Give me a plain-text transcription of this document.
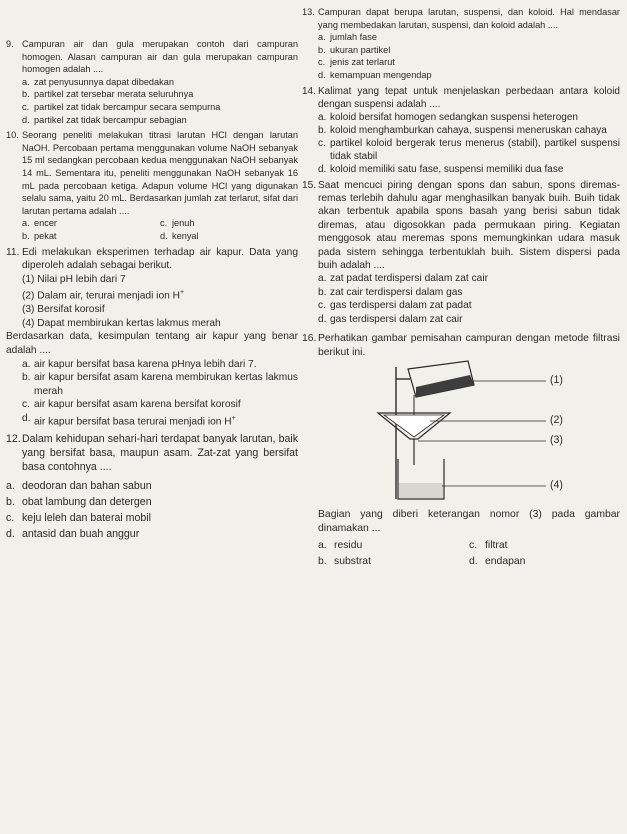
9. Campuran air dan gula merupakan contoh dari campuran homogen. Alasan campuran air dan gula merupakan campuran homogen adalah ....
a. zat penyusunnya dapat dibedakan
b. partikel zat tersebar merata seluruhnya
c. partikel zat tidak bercampur secara sempurna
d. partikel zat tidak bercampur sebagian
10. Seorang peneliti melakukan titrasi larutan HCl dengan larutan NaOH. Percobaan pertama menggunakan volume NaOH sebanyak 15 ml sedangkan percobaan kedua menggunakan NaOH sebanyak 14 mL. Sementara itu, peneliti menggunakan NaOH sebanyak 16 mL pada percobaan ketiga. Adapun volume HCl yang digunakan selalu sama, yaitu 20 mL. Berdasarkan jumlah zat terlarut, sifat dari larutan pertama adalah ....
a. encer	c. jenuh
b. pekat	d. kenyal
11. Edi melakukan eksperimen terhadap air kapur. Data yang diperoleh adalah sebagai berikut.
(1) Nilai pH lebih dari 7
(2) Dalam air, terurai menjadi ion H+
(3) Bersifat korosif
(4) Dapat membirukan kertas lakmus merah
Berdasarkan data, kesimpulan tentang air kapur yang benar adalah ....
a. air kapur bersifat basa karena pHnya lebih dari 7.
b. air kapur bersifat asam karena membirukan kertas lakmus merah
c. air kapur bersifat asam karena bersifat korosif
d. air kapur bersifat basa terurai menjadi ion H+
12. Dalam kehidupan sehari-hari terdapat banyak larutan, baik yang bersifat basa, maupun asam. Zat-zat yang bersifat basa contohnya ....
a. deodoran dan bahan sabun
b. obat lambung dan detergen
c. keju leleh dan baterai mobil
d. antasid dan buah anggur
13. Campuran dapat berupa larutan, suspensi, dan koloid. Hal mendasar yang membedakan larutan, suspensi, dan koloid adalah ....
a. jumlah fase
b. ukuran partikel
c. jenis zat terlarut
d. kemampuan mengendap
14. Kalimat yang tepat untuk menjelaskan perbedaan antara koloid dengan suspensi adalah ....
a. koloid bersifat homogen sedangkan suspensi heterogen
b. koloid menghamburkan cahaya, suspensi meneruskan cahaya
c. partikel koloid bergerak terus menerus (stabil), partikel suspensi tidak stabil
d. koloid memiliki satu fase, suspensi memiliki dua fase
15. Saat mencuci piring dengan spons dan sabun, spons diremas-remas terlebih dahulu agar menghasilkan banyak buih. Buih tidak akan terbentuk apabila spons basah yang berisi sabun tidak diremas, atau digosokkan pada permukaan piring. Kegiatan menggosok atau meremas spons memungkinkan udara masuk pada sistem sehingga terbentuklah buih. Sistem dispersi pada buih adalah ....
a. zat padat terdispersi dalam zat cair
b. zat cair terdispersi dalam gas
c. gas terdispersi dalam zat padat
d. gas terdispersi dalam zat cair
16. Perhatikan gambar pemisahan campuran dengan metode filtrasi berikut ini.
(1)
(2)
(3)
(4)
Bagian yang diberi keterangan nomor (3) pada gambar dinamakan ...
a. residu	c. filtrat
b. substrat	d. endapan
